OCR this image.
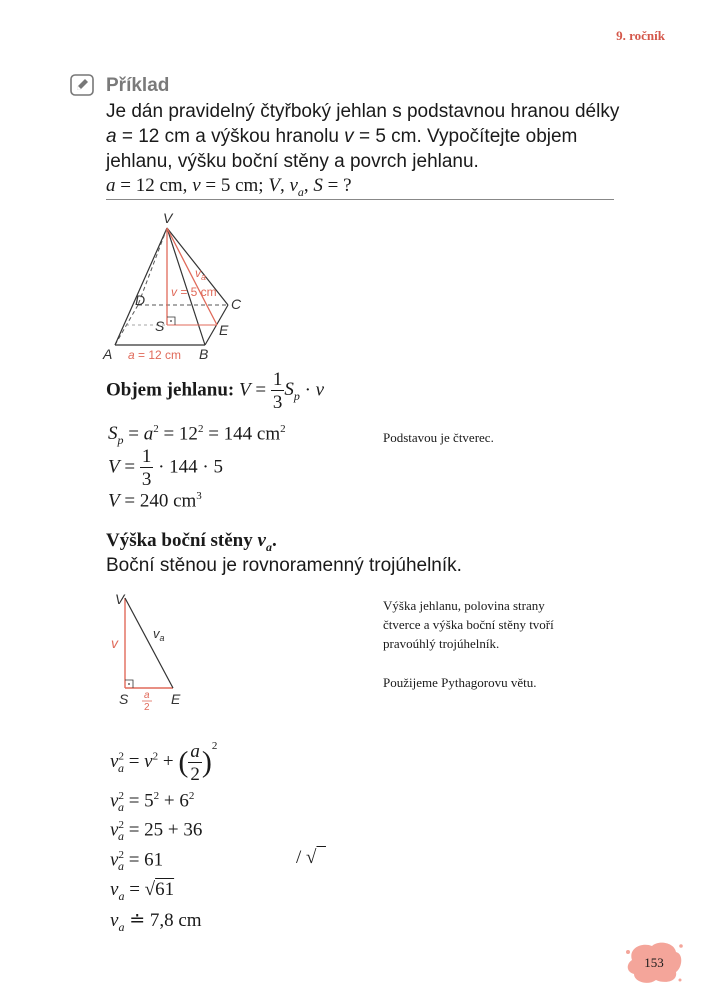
9. ročník
Příklad
Je dán pravidelný čtyřboký jehlan s podstavnou hranou délky
a = 12 cm a výškou hranolu v = 5 cm. Vypočítejte objem
jehlanu, výšku boční stěny a povrch jehlanu.
a = 12 cm, v = 5 cm; V, $v_a$, S = ?
V
D	C
S	E
A	B
$v_a$
v = 5 cm
a = 12 cm
Objem jehlanu: $V = \frac{1}{3} S_p \cdot v$
$S_p = a^2 = 12^2 = 144$ $cm^2$
Podstavou je čtverec.
$V = \frac{1}{3} \cdot 144 \cdot 5$
V = 240 $cm^3$
Výška boční stěny $v_a$.
Boční stěnou je rovnoramenný trojúhelník.
V
v
$v_a$
S	E
a
2
Výška jehlanu, polovina strany
čtverce a výška boční stěny tvoří
pravoúhlý trojúhelník.
Použijeme Pythagorovu větu.
$v^2_a = v^2$ + ( $\frac{a}{2} )^2$
$v^2_a = 5^2 + 6^2$
$v^2_a = 25 + 36$
$v^2_a = 61$	/ √
$v_a = √61$
$v_a$ ≐ 7,8 cm
153
